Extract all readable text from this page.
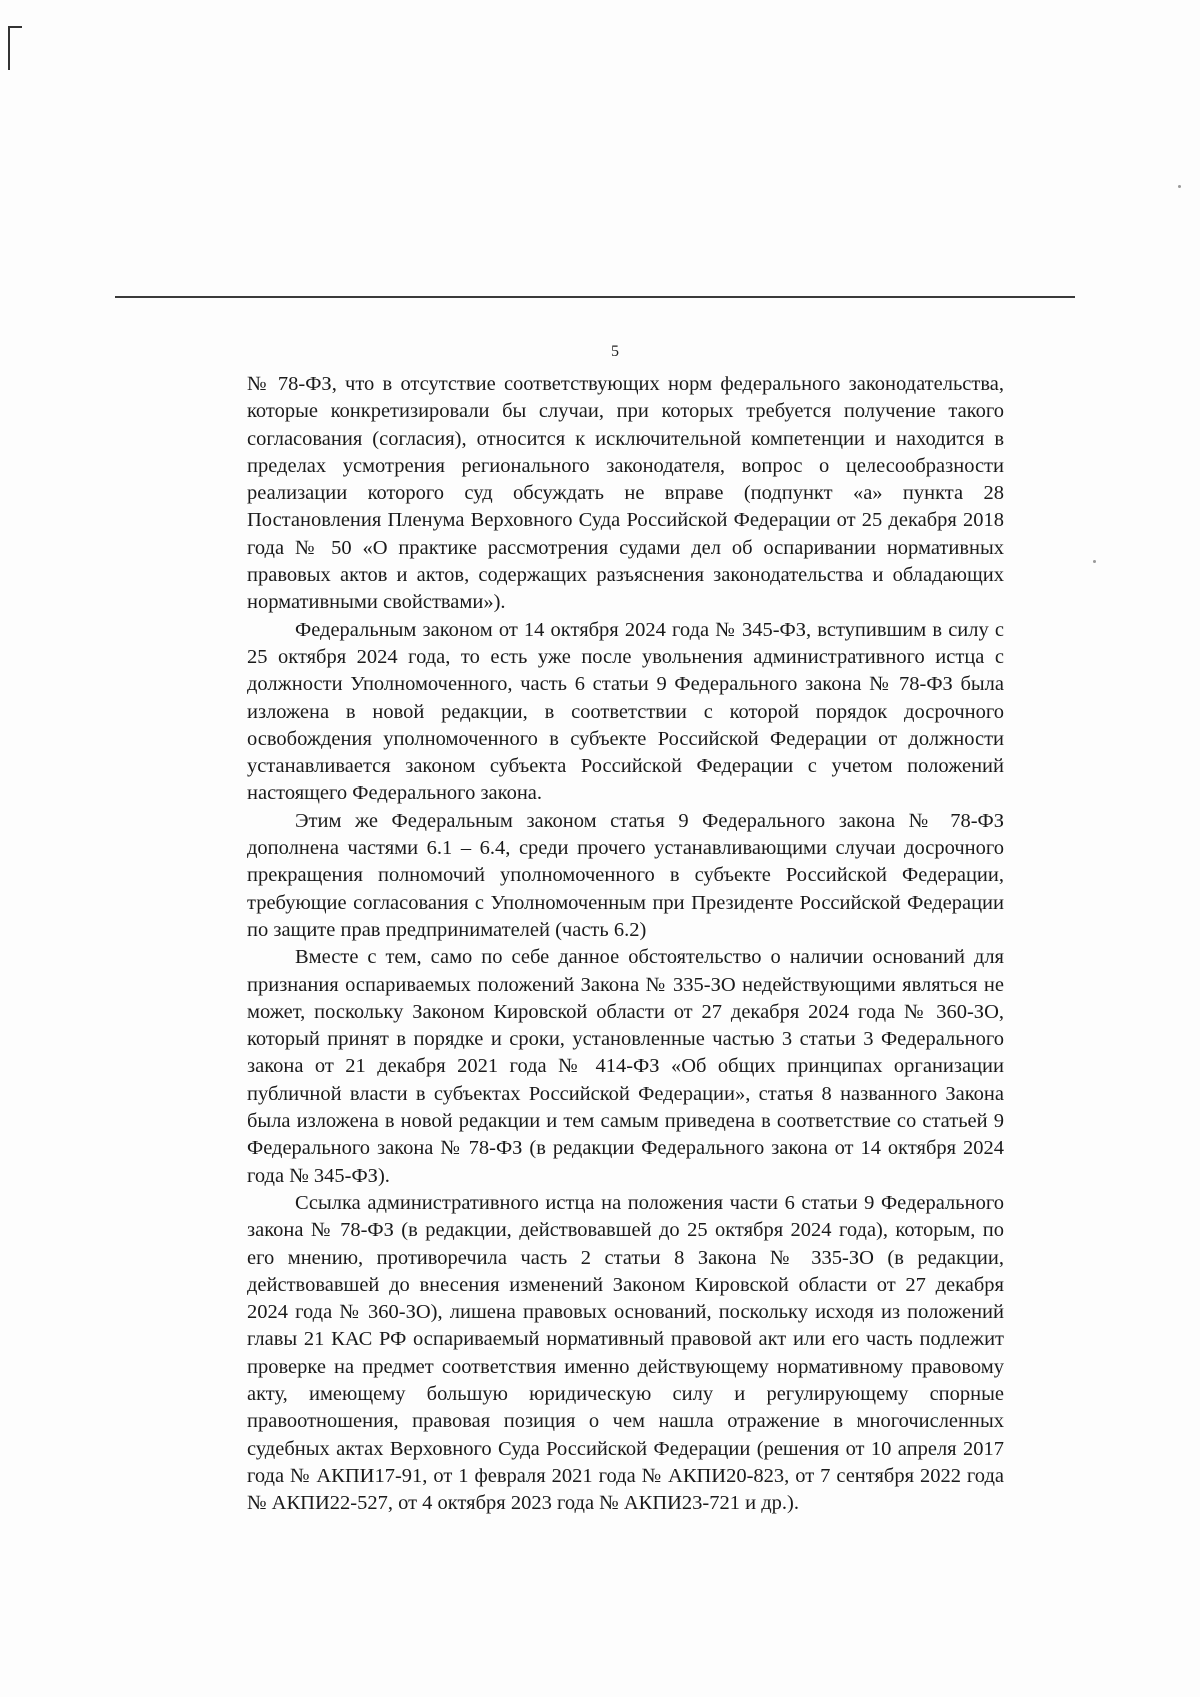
5

№ 78-ФЗ, что в отсутствие соответствующих норм федерального законодательства, которые конкретизировали бы случаи, при которых требуется получение такого согласования (согласия), относится к исключительной компетенции и находится в пределах усмотрения регионального законодателя, вопрос о целесообразности реализации которого суд обсуждать не вправе (подпункт «а» пункта 28 Постановления Пленума Верховного Суда Российской Федерации от 25 декабря 2018 года № 50 «О практике рассмотрения судами дел об оспаривании нормативных правовых актов и актов, содержащих разъяснения законодательства и обладающих нормативными свойствами»).

Федеральным законом от 14 октября 2024 года № 345-ФЗ, вступившим в силу с 25 октября 2024 года, то есть уже после увольнения административного истца с должности Уполномоченного, часть 6 статьи 9 Федерального закона № 78-ФЗ была изложена в новой редакции, в соответствии с которой порядок досрочного освобождения уполномоченного в субъекте Российской Федерации от должности устанавливается законом субъекта Российской Федерации с учетом положений настоящего Федерального закона.

Этим же Федеральным законом статья 9 Федерального закона № 78-ФЗ дополнена частями 6.1 – 6.4, среди прочего устанавливающими случаи досрочного прекращения полномочий уполномоченного в субъекте Российской Федерации, требующие согласования с Уполномоченным при Президенте Российской Федерации по защите прав предпринимателей (часть 6.2)

Вместе с тем, само по себе данное обстоятельство о наличии оснований для признания оспариваемых положений Закона № 335-ЗО недействующими являться не может, поскольку Законом Кировской области от 27 декабря 2024 года № 360-ЗО, который принят в порядке и сроки, установленные частью 3 статьи 3 Федерального закона от 21 декабря 2021 года № 414-ФЗ «Об общих принципах организации публичной власти в субъектах Российской Федерации», статья 8 названного Закона была изложена в новой редакции и тем самым приведена в соответствие со статьей 9 Федерального закона № 78-ФЗ (в редакции Федерального закона от 14 октября 2024 года № 345-ФЗ).

Ссылка административного истца на положения части 6 статьи 9 Федерального закона № 78-ФЗ (в редакции, действовавшей до 25 октября 2024 года), которым, по его мнению, противоречила часть 2 статьи 8 Закона № 335-ЗО (в редакции, действовавшей до внесения изменений Законом Кировской области от 27 декабря 2024 года № 360-ЗО), лишена правовых оснований, поскольку исходя из положений главы 21 КАС РФ оспариваемый нормативный правовой акт или его часть подлежит проверке на предмет соответствия именно действующему нормативному правовому акту, имеющему большую юридическую силу и регулирующему спорные правоотношения, правовая позиция о чем нашла отражение в многочисленных судебных актах Верховного Суда Российской Федерации (решения от 10 апреля 2017 года № АКПИ17-91, от 1 февраля 2021 года № АКПИ20-823, от 7 сентября 2022 года № АКПИ22-527, от 4 октября 2023 года № АКПИ23-721 и др.).
